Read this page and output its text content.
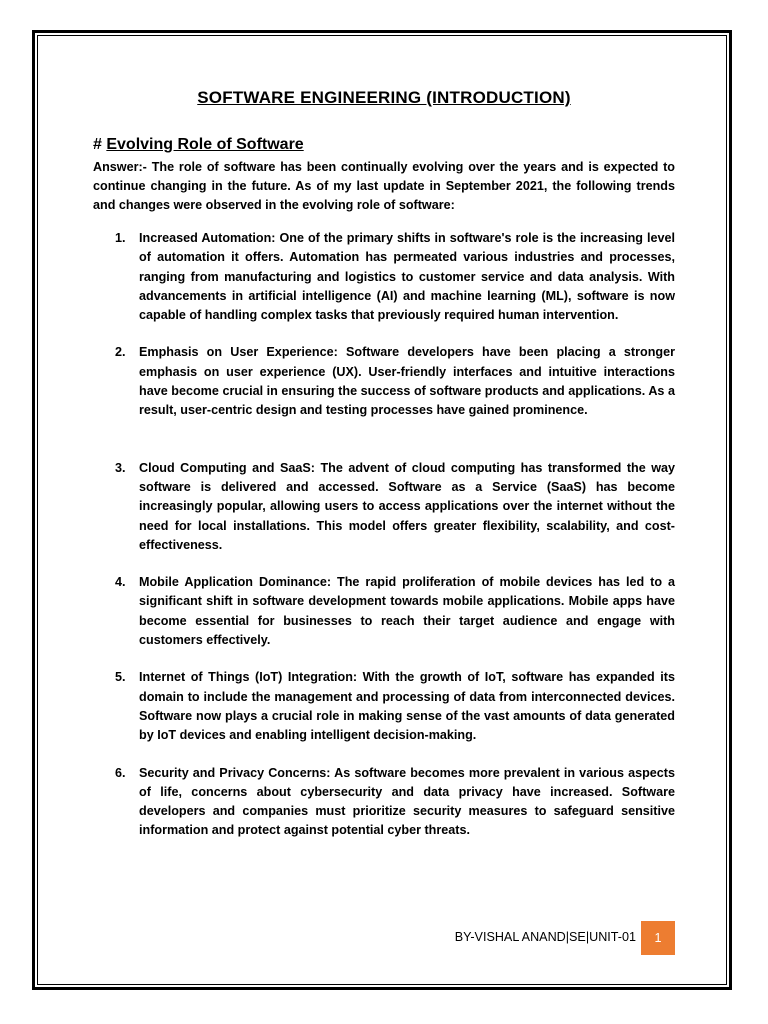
SOFTWARE ENGINEERING (INTRODUCTION)
# Evolving Role of Software
Answer:- The role of software has been continually evolving over the years and is expected to continue changing in the future. As of my last update in September 2021, the following trends and changes were observed in the evolving role of software:
1. Increased Automation: One of the primary shifts in software's role is the increasing level of automation it offers. Automation has permeated various industries and processes, ranging from manufacturing and logistics to customer service and data analysis. With advancements in artificial intelligence (AI) and machine learning (ML), software is now capable of handling complex tasks that previously required human intervention.
2. Emphasis on User Experience: Software developers have been placing a stronger emphasis on user experience (UX). User-friendly interfaces and intuitive interactions have become crucial in ensuring the success of software products and applications. As a result, user-centric design and testing processes have gained prominence.
3. Cloud Computing and SaaS: The advent of cloud computing has transformed the way software is delivered and accessed. Software as a Service (SaaS) has become increasingly popular, allowing users to access applications over the internet without the need for local installations. This model offers greater flexibility, scalability, and cost-effectiveness.
4. Mobile Application Dominance: The rapid proliferation of mobile devices has led to a significant shift in software development towards mobile applications. Mobile apps have become essential for businesses to reach their target audience and engage with customers effectively.
5. Internet of Things (IoT) Integration: With the growth of IoT, software has expanded its domain to include the management and processing of data from interconnected devices. Software now plays a crucial role in making sense of the vast amounts of data generated by IoT devices and enabling intelligent decision-making.
6. Security and Privacy Concerns: As software becomes more prevalent in various aspects of life, concerns about cybersecurity and data privacy have increased. Software developers and companies must prioritize security measures to safeguard sensitive information and protect against potential cyber threats.
BY-VISHAL ANAND|SE|UNIT-01	1
